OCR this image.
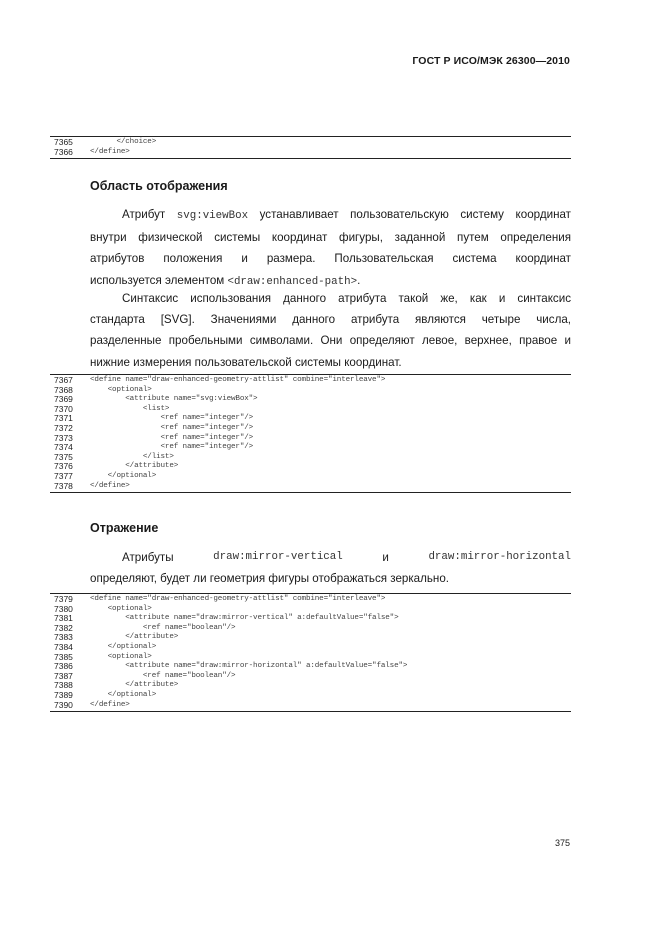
ГОСТ Р ИСО/МЭК 26300—2010
7365	</choice>
7366	</define>
Область отображения
Атрибут svg:viewBox устанавливает пользовательскую систему координат
внутри физической системы координат фигуры, заданной путем определения
атрибутов положения и размера. Пользовательская система координат
используется элементом <draw:enhanced-path>.
Синтаксис использования данного атрибута такой же, как и синтаксис
стандарта [SVG]. Значениями данного атрибута являются четыре числа,
разделенные пробельными символами. Они определяют левое, верхнее, правое и
нижние измерения пользовательской системы координат.
7367	<define name="draw-enhanced-geometry-attlist" combine="interleave">
7368	<optional>
7369	<attribute name="svg:viewBox">
7370	<list>
7371	<ref name="integer"/>
7372	<ref name="integer"/>
7373	<ref name="integer"/>
7374	<ref name="integer"/>
7375	</list>
7376	</attribute>
7377	</optional>
7378	</define>
Отражение
Атрибуты	draw:mirror-vertical	и	draw:mirror-horizontal
определяют, будет ли геометрия фигуры отображаться зеркально.
7379	<define name="draw-enhanced-geometry-attlist" combine="interleave">
7380	<optional>
7381	<attribute name="draw:mirror-vertical" a:defaultValue="false">
7382	<ref name="boolean"/>
7383	</attribute>
7384	</optional>
7385	<optional>
7386	<attribute name="draw:mirror-horizontal" a:defaultValue="false">
7387	<ref name="boolean"/>
7388	</attribute>
7389	</optional>
7390	</define>
375
